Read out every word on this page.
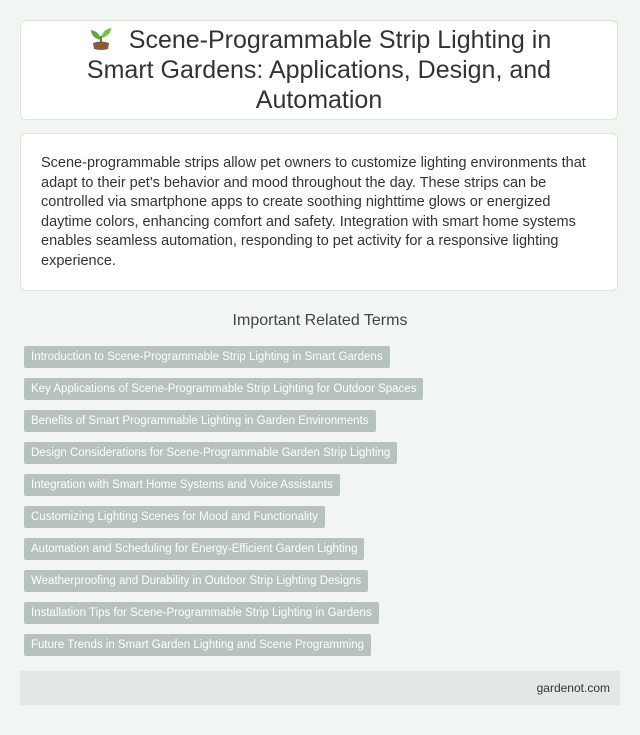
Scene-Programmable Strip Lighting in Smart Gardens: Applications, Design, and Automation

Scene-programmable strips allow pet owners to customize lighting environments that adapt to their pet's behavior and mood throughout the day. These strips can be controlled via smartphone apps to create soothing nighttime glows or energized daytime colors, enhancing comfort and safety. Integration with smart home systems enables seamless automation, responding to pet activity for a responsive lighting experience.

Important Related Terms
Introduction to Scene-Programmable Strip Lighting in Smart Gardens
Key Applications of Scene-Programmable Strip Lighting for Outdoor Spaces
Benefits of Smart Programmable Lighting in Garden Environments
Design Considerations for Scene-Programmable Garden Strip Lighting
Integration with Smart Home Systems and Voice Assistants
Customizing Lighting Scenes for Mood and Functionality
Automation and Scheduling for Energy-Efficient Garden Lighting
Weatherproofing and Durability in Outdoor Strip Lighting Designs
Installation Tips for Scene-Programmable Strip Lighting in Gardens
Future Trends in Smart Garden Lighting and Scene Programming
gardenot.com
